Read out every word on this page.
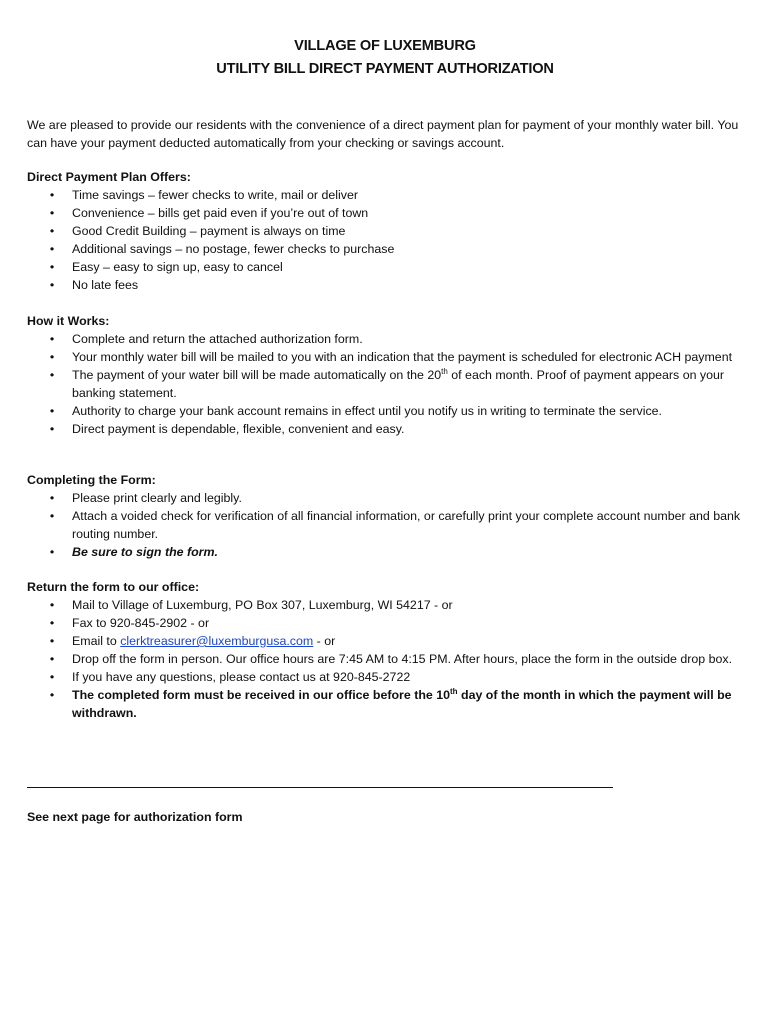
VILLAGE OF LUXEMBURG
UTILITY BILL DIRECT PAYMENT AUTHORIZATION
We are pleased to provide our residents with the convenience of a direct payment plan for payment of your monthly water bill. You can have your payment deducted automatically from your checking or savings account.
Direct Payment Plan Offers:
• Time savings – fewer checks to write, mail or deliver
• Convenience – bills get paid even if you’re out of town
• Good Credit Building – payment is always on time
• Additional savings – no postage, fewer checks to purchase
• Easy – easy to sign up, easy to cancel
• No late fees
How it Works:
• Complete and return the attached authorization form.
• Your monthly water bill will be mailed to you with an indication that the payment is scheduled for electronic ACH payment
• The payment of your water bill will be made automatically on the 20th of each month. Proof of payment appears on your banking statement.
• Authority to charge your bank account remains in effect until you notify us in writing to terminate the service.
• Direct payment is dependable, flexible, convenient and easy.
Completing the Form:
• Please print clearly and legibly.
• Attach a voided check for verification of all financial information, or carefully print your complete account number and bank routing number.
• Be sure to sign the form.
Return the form to our office:
• Mail to Village of Luxemburg, PO Box 307, Luxemburg, WI 54217 - or
• Fax to 920-845-2902 - or
• Email to clerktreasurer@luxemburgusa.com - or
• Drop off the form in person. Our office hours are 7:45 AM to 4:15 PM. After hours, place the form in the outside drop box.
• If you have any questions, please contact us at 920-845-2722
• The completed form must be received in our office before the 10th day of the month in which the payment will be withdrawn.
See next page for authorization form
